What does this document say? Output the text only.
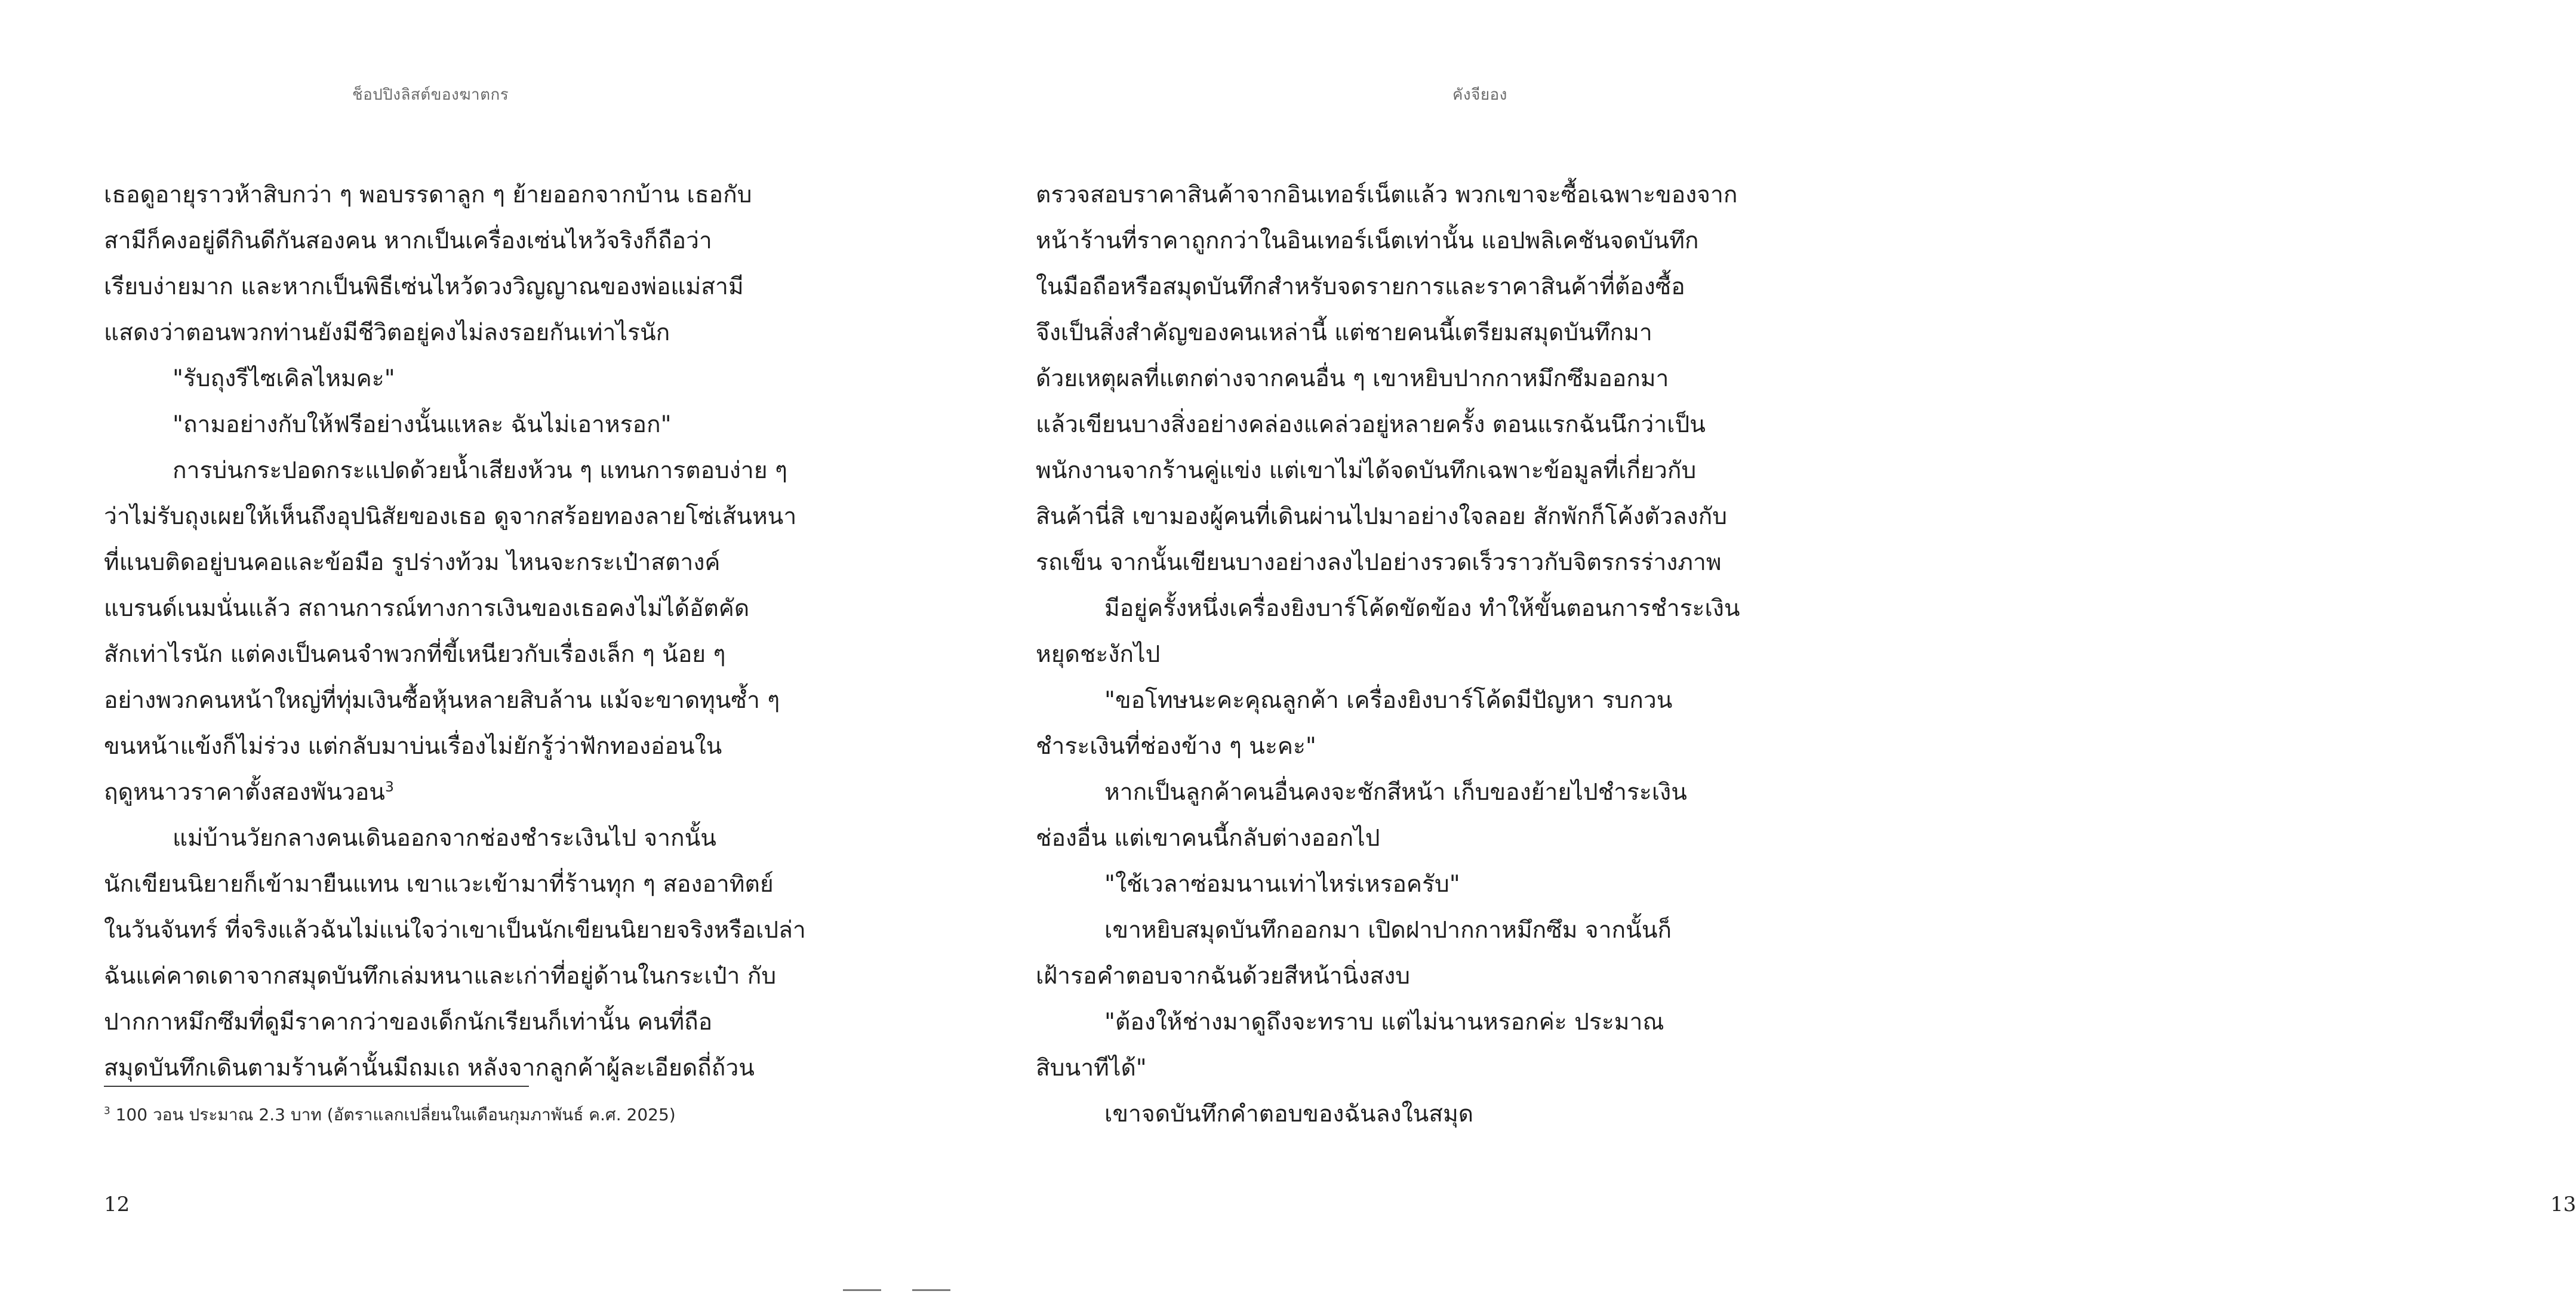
ช็อปปิงลิสต์ของฆาตกร
เธอดูอายุราวห้าสิบกว่า ๆ พอบรรดาลูก ๆ ย้ายออกจากบ้าน เธอกับ
สามีก็คงอยู่ดีกินดีกันสองคน หากเป็นเครื่องเซ่นไหว้จริงก็ถือว่า
เรียบง่ายมาก และหากเป็นพิธีเซ่นไหว้ดวงวิญญาณของพ่อแม่สามี
แสดงว่าตอนพวกท่านยังมีชีวิตอยู่คงไม่ลงรอยกันเท่าไรนัก
"รับถุงรีไซเคิลไหมคะ"
"ถามอย่างกับให้ฟรีอย่างนั้นแหละ ฉันไม่เอาหรอก"
การบ่นกระปอดกระแปดด้วยน้ำเสียงห้วน ๆ แทนการตอบง่าย ๆ
ว่าไม่รับถุงเผยให้เห็นถึงอุปนิสัยของเธอ ดูจากสร้อยทองลายโซ่เส้นหนา
ที่แนบติดอยู่บนคอและข้อมือ รูปร่างท้วม ไหนจะกระเป๋าสตางค์
แบรนด์เนมนั่นแล้ว สถานการณ์ทางการเงินของเธอคงไม่ได้อัตคัด
สักเท่าไรนัก แต่คงเป็นคนจำพวกที่ขี้เหนียวกับเรื่องเล็ก ๆ น้อย ๆ
อย่างพวกคนหน้าใหญ่ที่ทุ่มเงินซื้อหุ้นหลายสิบล้าน แม้จะขาดทุนซ้ำ ๆ
ขนหน้าแข้งก็ไม่ร่วง แต่กลับมาบ่นเรื่องไม่ยักรู้ว่าฟักทองอ่อนใน
ฤดูหนาวราคาตั้งสองพันวอน$^3$
แม่บ้านวัยกลางคนเดินออกจากช่องชำระเงินไป จากนั้น
นักเขียนนิยายก็เข้ามายืนแทน เขาแวะเข้ามาที่ร้านทุก ๆ สองอาทิตย์
ในวันจันทร์ ที่จริงแล้วฉันไม่แน่ใจว่าเขาเป็นนักเขียนนิยายจริงหรือเปล่า
ฉันแค่คาดเดาจากสมุดบันทึกเล่มหนาและเก่าที่อยู่ด้านในกระเป๋า กับ
ปากกาหมึกซึมที่ดูมีราคากว่าของเด็กนักเรียนก็เท่านั้น คนที่ถือ
สมุดบันทึกเดินตามร้านค้านั้นมีถมเถ หลังจากลูกค้าผู้ละเอียดถี่ถ้วน
$^3$ 100 วอน ประมาณ 2.3 บาท (อัตราแลกเปลี่ยนในเดือนกุมภาพันธ์ ค.ศ. 2025)
12
คังจียอง
ตรวจสอบราคาสินค้าจากอินเทอร์เน็ตแล้ว พวกเขาจะซื้อเฉพาะของจาก
หน้าร้านที่ราคาถูกกว่าในอินเทอร์เน็ตเท่านั้น แอปพลิเคชันจดบันทึก
ในมือถือหรือสมุดบันทึกสำหรับจดรายการและราคาสินค้าที่ต้องซื้อ
จึงเป็นสิ่งสำคัญของคนเหล่านี้ แต่ชายคนนี้เตรียมสมุดบันทึกมา
ด้วยเหตุผลที่แตกต่างจากคนอื่น ๆ เขาหยิบปากกาหมึกซึมออกมา
แล้วเขียนบางสิ่งอย่างคล่องแคล่วอยู่หลายครั้ง ตอนแรกฉันนึกว่าเป็น
พนักงานจากร้านคู่แข่ง แต่เขาไม่ได้จดบันทึกเฉพาะข้อมูลที่เกี่ยวกับ
สินค้านี่สิ เขามองผู้คนที่เดินผ่านไปมาอย่างใจลอย สักพักก็โค้งตัวลงกับ
รถเข็น จากนั้นเขียนบางอย่างลงไปอย่างรวดเร็วราวกับจิตรกรร่างภาพ
มีอยู่ครั้งหนึ่งเครื่องยิงบาร์โค้ดขัดข้อง ทำให้ขั้นตอนการชำระเงิน
หยุดชะงักไป
"ขอโทษนะคะคุณลูกค้า เครื่องยิงบาร์โค้ดมีปัญหา รบกวน
ชำระเงินที่ช่องข้าง ๆ นะคะ"
หากเป็นลูกค้าคนอื่นคงจะชักสีหน้า เก็บของย้ายไปชำระเงิน
ช่องอื่น แต่เขาคนนี้กลับต่างออกไป
"ใช้เวลาซ่อมนานเท่าไหร่เหรอครับ"
เขาหยิบสมุดบันทึกออกมา เปิดฝาปากกาหมึกซึม จากนั้นก็
เฝ้ารอคำตอบจากฉันด้วยสีหน้านิ่งสงบ
"ต้องให้ช่างมาดูถึงจะทราบ แต่ไม่นานหรอกค่ะ ประมาณ
สิบนาทีได้"
เขาจดบันทึกคำตอบของฉันลงในสมุด
13
